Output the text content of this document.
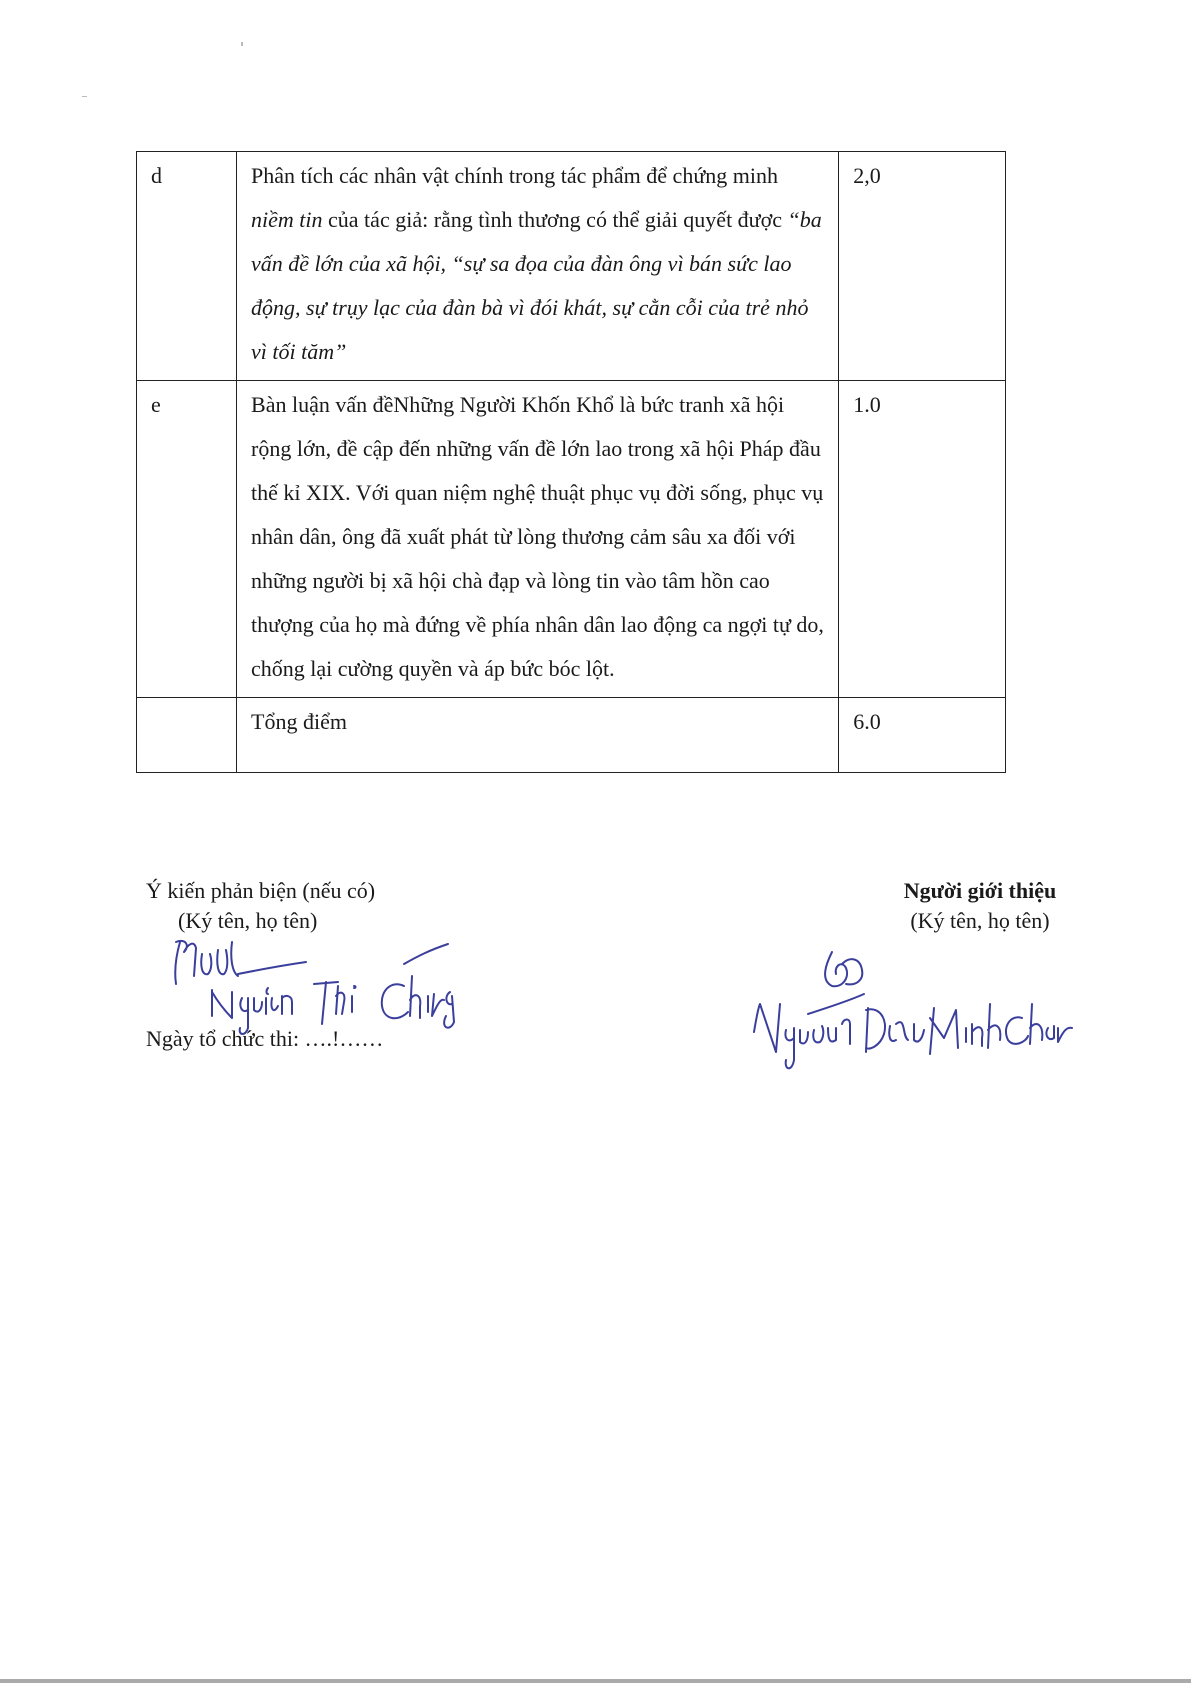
d	Phân tích các nhân vật chính trong tác phẩm để chứng minh niềm tin của tác giả: rằng tình thương có thể giải quyết được “ba vấn đề lớn của xã hội, “sự sa đọa của đàn ông vì bán sức lao động, sự trụy lạc của đàn bà vì đói khát, sự cằn cỗi của trẻ nhỏ vì tối tăm”	2,0
e	Bàn luận vấn đềNhững Người Khốn Khổ là bức tranh xã hội rộng lớn, đề cập đến những vấn đề lớn lao trong xã hội Pháp đầu thế kỉ XIX. Với quan niệm nghệ thuật phục vụ đời sống, phục vụ nhân dân, ông đã xuất phát từ lòng thương cảm sâu xa đối với những người bị xã hội chà đạp và lòng tin vào tâm hồn cao thượng của họ mà đứng về phía nhân dân lao động ca ngợi tự do, chống lại cường quyền và áp bức bóc lột.	1.0
	Tổng điểm	6.0
Ý kiến phản biện (nếu có)
(Ký tên, họ tên)
Người giới thiệu
(Ký tên, họ tên)
Ngày tổ chức thi: ….!……
